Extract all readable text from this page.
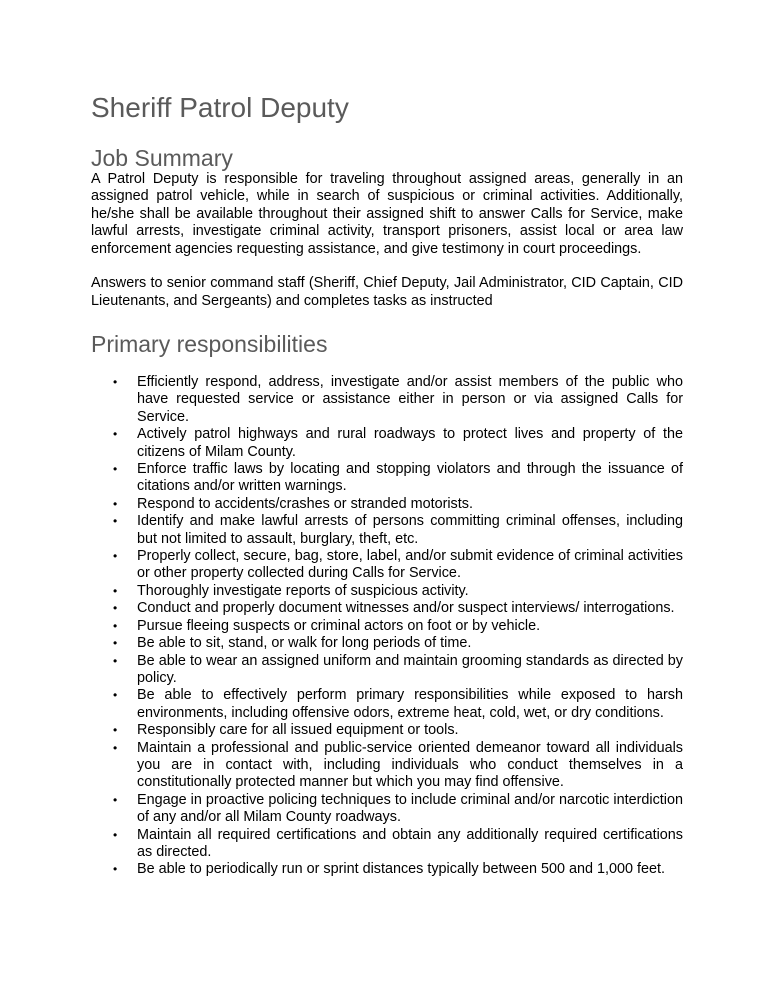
Sheriff Patrol Deputy
Job Summary

A Patrol Deputy is responsible for traveling throughout assigned areas, generally in an assigned patrol vehicle, while in search of suspicious or criminal activities. Additionally, he/she shall be available throughout their assigned shift to answer Calls for Service, make lawful arrests, investigate criminal activity, transport prisoners, assist local or area law enforcement agencies requesting assistance, and give testimony in court proceedings.

Answers to senior command staff (Sheriff, Chief Deputy, Jail Administrator, CID Captain, CID Lieutenants, and Sergeants) and completes tasks as instructed

Primary responsibilities
• Efficiently respond, address, investigate and/or assist members of the public who have requested service or assistance either in person or via assigned Calls for Service.
• Actively patrol highways and rural roadways to protect lives and property of the citizens of Milam County.
• Enforce traffic laws by locating and stopping violators and through the issuance of citations and/or written warnings.
• Respond to accidents/crashes or stranded motorists.
• Identify and make lawful arrests of persons committing criminal offenses, including but not limited to assault, burglary, theft, etc.
• Properly collect, secure, bag, store, label, and/or submit evidence of criminal activities or other property collected during Calls for Service.
• Thoroughly investigate reports of suspicious activity.
• Conduct and properly document witnesses and/or suspect interviews/ interrogations.
• Pursue fleeing suspects or criminal actors on foot or by vehicle.
• Be able to sit, stand, or walk for long periods of time.
• Be able to wear an assigned uniform and maintain grooming standards as directed by policy.
• Be able to effectively perform primary responsibilities while exposed to harsh environments, including offensive odors, extreme heat, cold, wet, or dry conditions.
• Responsibly care for all issued equipment or tools.
• Maintain a professional and public-service oriented demeanor toward all individuals you are in contact with, including individuals who conduct themselves in a constitutionally protected manner but which you may find offensive.
• Engage in proactive policing techniques to include criminal and/or narcotic interdiction of any and/or all Milam County roadways.
• Maintain all required certifications and obtain any additionally required certifications as directed.
• Be able to periodically run or sprint distances typically between 500 and 1,000 feet.
